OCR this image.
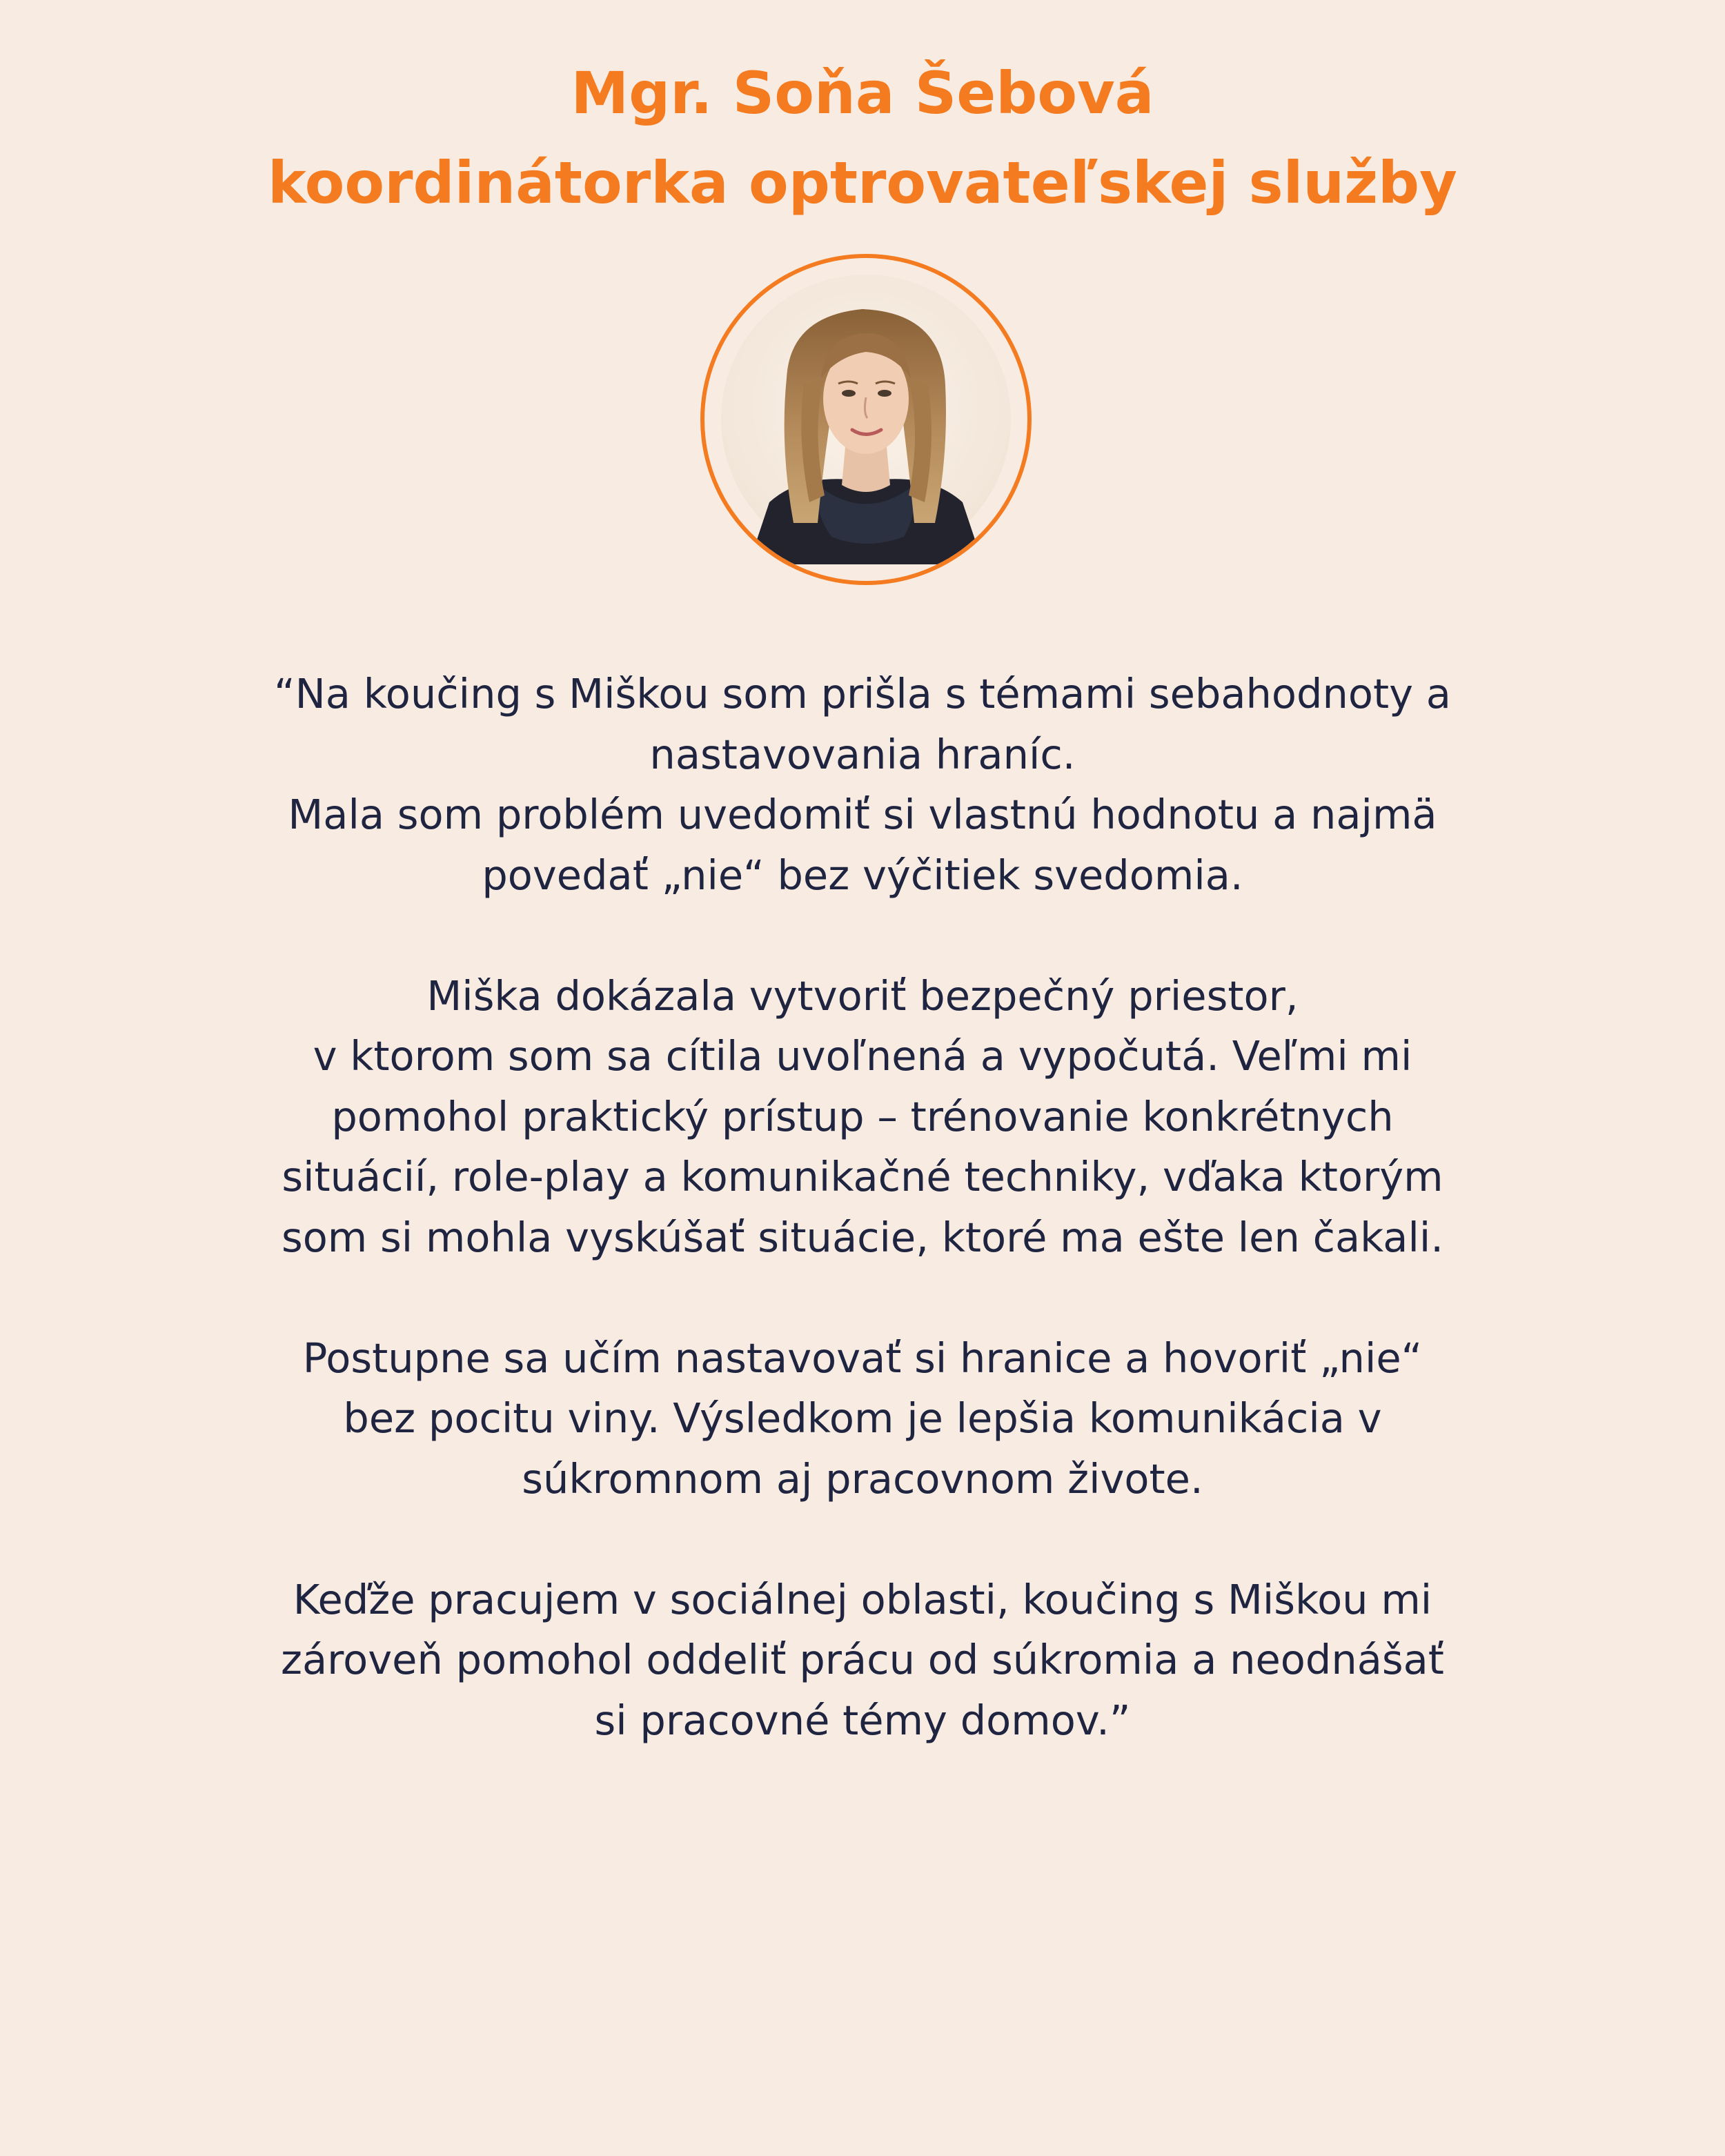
Mgr. Soňa Šebová
koordinátorka optrovateľskej služby
“Na koučing s Miškou som prišla s témami sebahodnoty a
nastavovania hraníc.
Mala som problém uvedomiť si vlastnú hodnotu a najmä
povedať „nie“ bez výčitiek svedomia.
Miška dokázala vytvoriť bezpečný priestor,
v ktorom som sa cítila uvoľnená a vypočutá. Veľmi mi
pomohol praktický prístup – trénovanie konkrétnych
situácií, role-play a komunikačné techniky, vďaka ktorým
som si mohla vyskúšať situácie, ktoré ma ešte len čakali.
Postupne sa učím nastavovať si hranice a hovoriť „nie“
bez pocitu viny. Výsledkom je lepšia komunikácia v
súkromnom aj pracovnom živote.
Keďže pracujem v sociálnej oblasti, koučing s Miškou mi
zároveň pomohol oddeliť prácu od súkromia a neodnášať
si pracovné témy domov.”
